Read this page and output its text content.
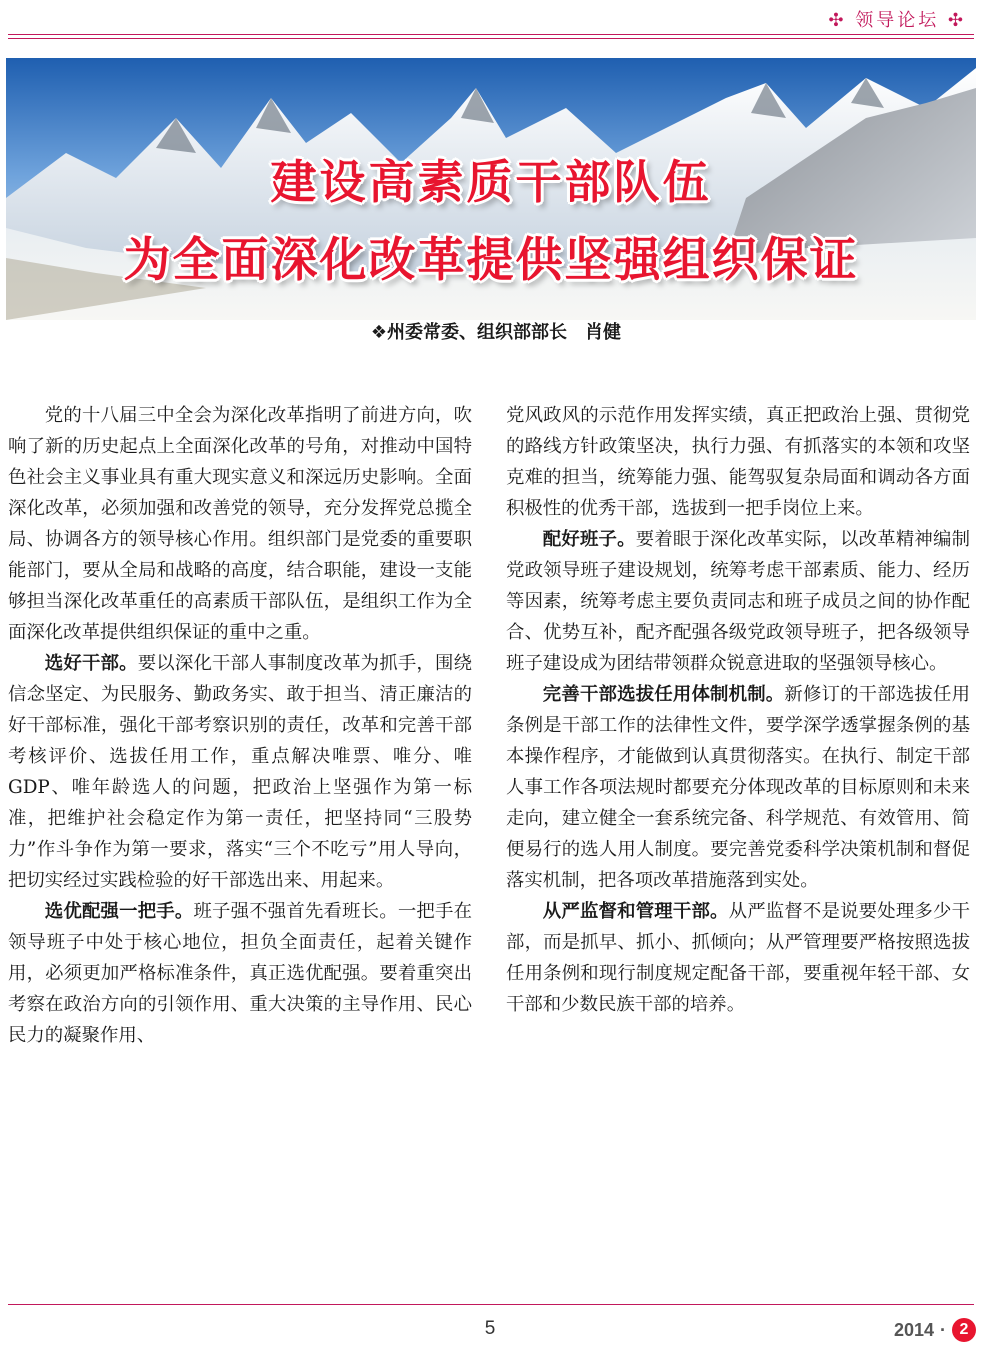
✣ 领导论坛 ✣
建设高素质干部队伍
为全面深化改革提供坚强组织保证
❖州委常委、组织部部长　肖健

党的十八届三中全会为深化改革指明了前进方向，吹响了新的历史起点上全面深化改革的号角，对推动中国特色社会主义事业具有重大现实意义和深远历史影响。全面深化改革，必须加强和改善党的领导，充分发挥党总揽全局、协调各方的领导核心作用。组织部门是党委的重要职能部门，要从全局和战略的高度，结合职能，建设一支能够担当深化改革重任的高素质干部队伍，是组织工作为全面深化改革提供组织保证的重中之重。

选好干部。要以深化干部人事制度改革为抓手，围绕信念坚定、为民服务、勤政务实、敢于担当、清正廉洁的好干部标准，强化干部考察识别的责任，改革和完善干部考核评价、选拔任用工作，重点解决唯票、唯分、唯GDP、唯年龄选人的问题，把政治上坚强作为第一标准，把维护社会稳定作为第一责任，把坚持同“三股势力”作斗争作为第一要求，落实“三个不吃亏”用人导向，把切实经过实践检验的好干部选出来、用起来。

选优配强一把手。班子强不强首先看班长。一把手在领导班子中处于核心地位，担负全面责任，起着关键作用，必须更加严格标准条件，真正选优配强。要着重突出考察在政治方向的引领作用、重大决策的主导作用、民心民力的凝聚作用、

党风政风的示范作用发挥实绩，真正把政治上强、贯彻党的路线方针政策坚决，执行力强、有抓落实的本领和攻坚克难的担当，统筹能力强、能驾驭复杂局面和调动各方面积极性的优秀干部，选拔到一把手岗位上来。

配好班子。要着眼于深化改革实际，以改革精神编制党政领导班子建设规划，统筹考虑干部素质、能力、经历等因素，统筹考虑主要负责同志和班子成员之间的协作配合、优势互补，配齐配强各级党政领导班子，把各级领导班子建设成为团结带领群众锐意进取的坚强领导核心。

完善干部选拔任用体制机制。新修订的干部选拔任用条例是干部工作的法律性文件，要学深学透掌握条例的基本操作程序，才能做到认真贯彻落实。在执行、制定干部人事工作各项法规时都要充分体现改革的目标原则和未来走向，建立健全一套系统完备、科学规范、有效管用、简便易行的选人用人制度。要完善党委科学决策机制和督促落实机制，把各项改革措施落到实处。

从严监督和管理干部。从严监督不是说要处理多少干部，而是抓早、抓小、抓倾向；从严管理要严格按照选拔任用条例和现行制度规定配备干部，要重视年轻干部、女干部和少数民族干部的培养。

5	2014 · 2
